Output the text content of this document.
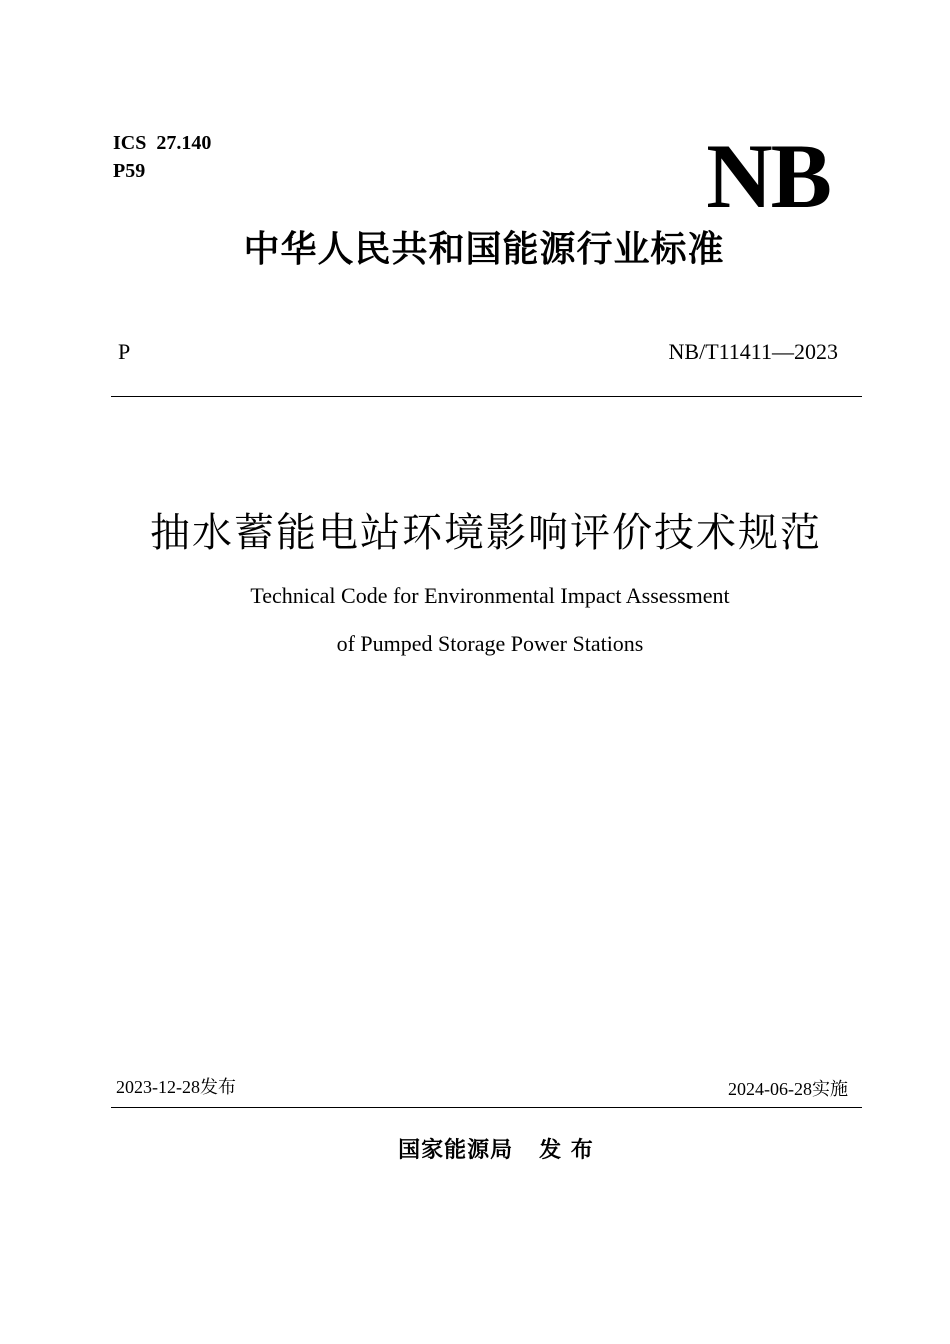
ICS  27.140
P59	NB
中华人民共和国能源行业标准
P	NB/T11411—2023
抽水蓄能电站环境影响评价技术规范
Technical Code for Environmental Impact Assessment
of Pumped Storage Power Stations
2023-12-28发布	2024-06-28实施
国家能源局   发 布
